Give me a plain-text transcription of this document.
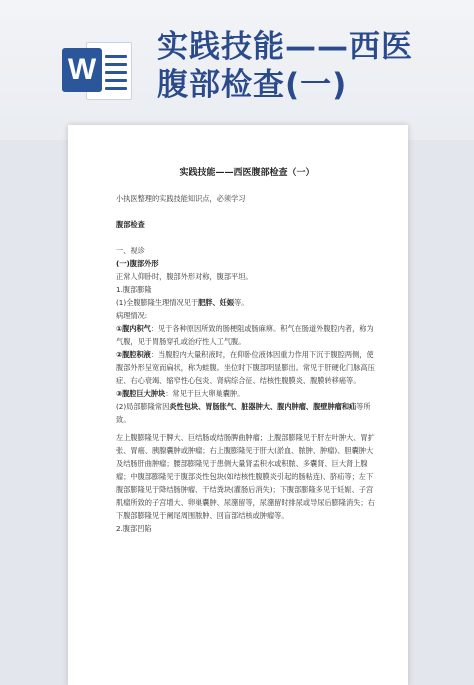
W
实践技能——西医
腹部检查(一)

实践技能——西医腹部检查（一）

小执医整理的实践技能知识点，必须学习

腹部检查

一、视诊

(一)腹部外形

正常人仰卧时，腹部外形对称，腹部平坦。

1.腹部膨隆

(1)全腹膨隆生理情况见于肥胖、妊娠等。

病理情况:

①腹内积气：见于各种原因所致的肠梗阻或肠麻痹。积气在肠道外腹腔内者，称为气腹，见于胃肠穿孔或治疗性人工气腹。

②腹腔积液：当腹腔内大量积液时，在仰卧位液体因重力作用下沉于腹腔两侧，使腹部外形呈宽而扁状，称为蛙腹。坐位时下腹部明显膨出。常见于肝硬化门脉高压症、右心衰竭、缩窄性心包炎、肾病综合征、结核性腹膜炎、腹膜转移癌等。

③腹腔巨大肿块：常见于巨大卵巢囊肿。

(2)局部膨隆常因炎性包块、胃肠胀气、脏器肿大、腹内肿瘤、腹壁肿瘤和疝等所致。

左上腹膨隆见于脾大、巨结肠或结肠脾曲肿瘤；上腹部膨隆见于肝左叶肿大、胃扩张、胃癌、胰腺囊肿或肿瘤；右上腹膨隆见于肝大(淤血、脓肿、肿瘤)、胆囊肿大及结肠肝曲肿瘤；腰部膨隆见于患侧大量肾盂积水或积脓、多囊肾、巨大肾上腺瘤；中腹部膨隆见于腹部炎性包块(如结核性腹膜炎引起的肠粘连)、脐疝等；左下腹部膨隆见于降结肠肿瘤、干结粪块(灌肠后消失)；下腹部膨隆多见于妊娠、子宫肌瘤所致的子宫增大、卵巢囊肿、尿潴留等，尿潴留时排尿或导尿后膨隆消失；右下腹部膨隆见于阑尾周围脓肿、回盲部结核或肿瘤等。

2.腹部凹陷
